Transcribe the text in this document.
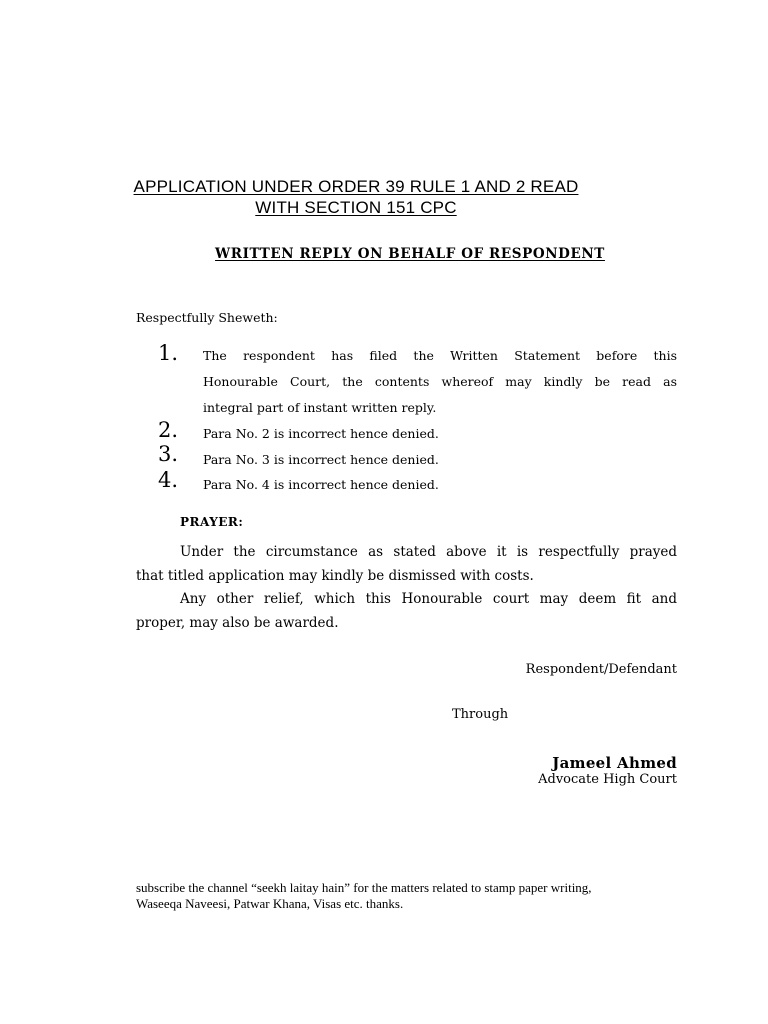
APPLICATION UNDER ORDER 39 RULE 1 AND 2 READ
WITH SECTION 151 CPC
WRITTEN REPLY ON BEHALF OF RESPONDENT
Respectfully Sheweth:
1. The respondent has filed the Written Statement before this
Honourable Court, the contents whereof may kindly be read as
integral part of instant written reply.
2. Para No. 2 is incorrect hence denied.
3. Para No. 3 is incorrect hence denied.
4. Para No. 4 is incorrect hence denied.
PRAYER:
Under the circumstance as stated above it is respectfully prayed
that titled application may kindly be dismissed with costs.
Any other relief, which this Honourable court may deem fit and
proper, may also be awarded.
Respondent/Defendant
Through
Jameel Ahmed
Advocate High Court
subscribe the channel “seekh laitay hain” for the matters related to stamp paper writing,
Waseeqa Naveesi, Patwar Khana, Visas etc. thanks.
